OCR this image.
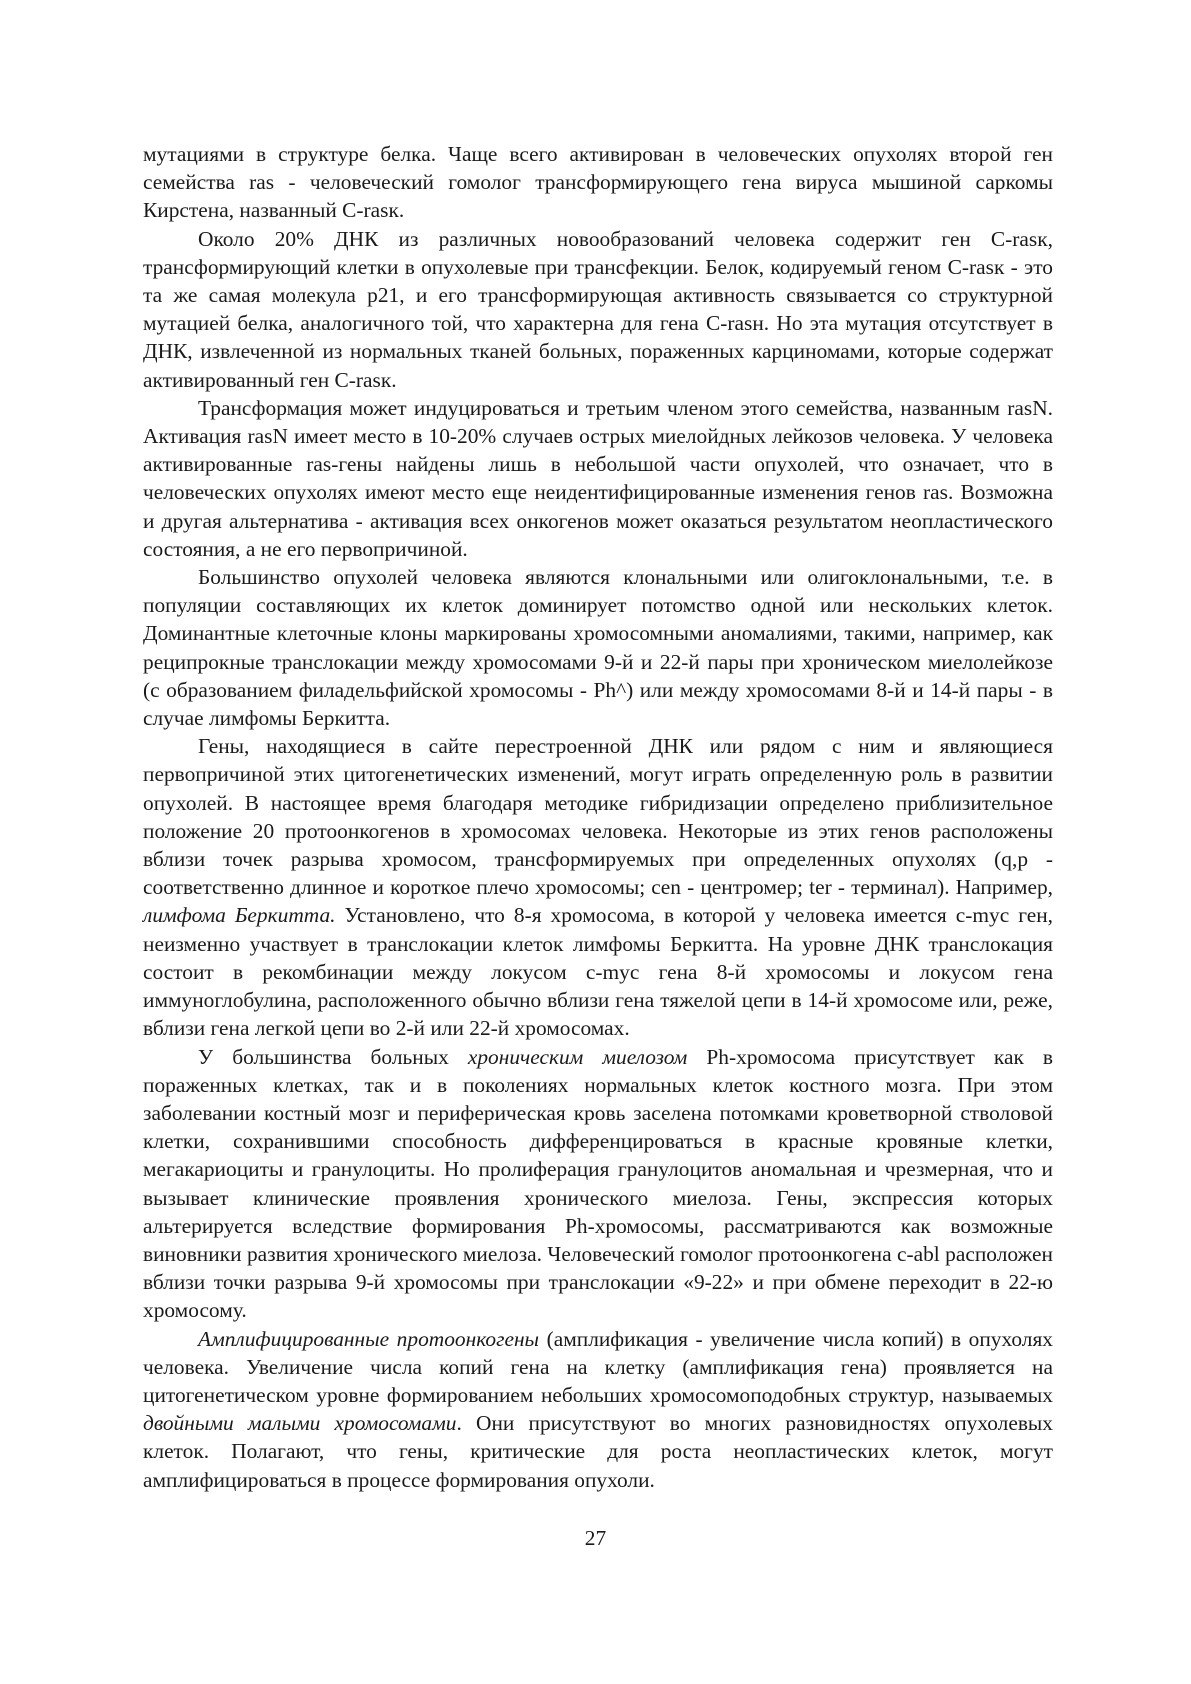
мутациями в структуре белка. Чаще всего активирован в человеческих опухолях второй ген семейства ras - человеческий гомолог трансформирующего гена вируса мышиной саркомы Кирстена, названный C-rasк.

Около 20% ДНК из различных новообразований человека содержит ген C-rasк, трансформирующий клетки в опухолевые при трансфекции. Белок, кодируемый геном C-rasк - это та же самая молекула p21, и его трансформирующая активность связывается со структурной мутацией белка, аналогичного той, что характерна для гена C-rasн. Но эта мутация отсутствует в ДНК, извлеченной из нормальных тканей больных, пораженных карциномами, которые содержат активированный ген C-rasк.

Трансформация может индуцироваться и третьим членом этого семейства, названным rasN. Активация rasN имеет место в 10-20% случаев острых миелойдных лейкозов человека. У человека активированные ras-гены найдены лишь в небольшой части опухолей, что означает, что в человеческих опухолях имеют место еще неидентифицированные изменения генов ras. Возможна и другая альтернатива - активация всех онкогенов может оказаться результатом неопластического состояния, а не его первопричиной.

Большинство опухолей человека являются клональными или олигоклональными, т.е. в популяции составляющих их клеток доминирует потомство одной или нескольких клеток. Доминантные клеточные клоны маркированы хромосомными аномалиями, такими, например, как реципрокные транслокации между хромосомами 9-й и 22-й пары при хроническом миелолейкозе (с образованием филадельфийской хромосомы - Ph^) или между хромосомами 8-й и 14-й пары - в случае лимфомы Беркитта.

Гены, находящиеся в сайте перестроенной ДНК или рядом с ним и являющиеся первопричиной этих цитогенетических изменений, могут играть определенную роль в развитии опухолей. В настоящее время благодаря методике гибридизации определено приблизительное положение 20 протоонкогенов в хромосомах человека. Некоторые из этих генов расположены вблизи точек разрыва хромосом, трансформируемых при определенных опухолях (q,p - соответственно длинное и короткое плечо хромосомы; cen - центромер; ter - терминал). Например, лимфома Беркитта. Установлено, что 8-я хромосома, в которой у человека имеется c-myc ген, неизменно участвует в транслокации клеток лимфомы Беркитта. На уровне ДНК транслокация состоит в рекомбинации между локусом c-myc гена 8-й хромосомы и локусом гена иммуноглобулина, расположенного обычно вблизи гена тяжелой цепи в 14-й хромосоме или, реже, вблизи гена легкой цепи во 2-й или 22-й хромосомах.

У большинства больных хроническим миелозом Ph-хромосома присутствует как в пораженных клетках, так и в поколениях нормальных клеток костного мозга. При этом заболевании костный мозг и периферическая кровь заселена потомками кроветворной стволовой клетки, сохранившими способность дифференцироваться в красные кровяные клетки, мегакариоциты и гранулоциты. Но пролиферация гранулоцитов аномальная и чрезмерная, что и вызывает клинические проявления хронического миелоза. Гены, экспрессия которых альтерируется вследствие формирования Ph-хромосомы, рассматриваются как возможные виновники развития хронического миелоза. Человеческий гомолог протоонкогена c-abl расположен вблизи точки разрыва 9-й хромосомы при транслокации «9-22» и при обмене переходит в 22-ю хромосому.

Амплифицированные протоонкогены (амплификация - увеличение числа копий) в опухолях человека. Увеличение числа копий гена на клетку (амплификация гена) проявляется на цитогенетическом уровне формированием небольших хромосомоподобных структур, называемых двойными малыми хромосомами. Они присутствуют во многих разновидностях опухолевых клеток. Полагают, что гены, критические для роста неопластических клеток, могут амплифицироваться в процессе формирования опухоли.

27
